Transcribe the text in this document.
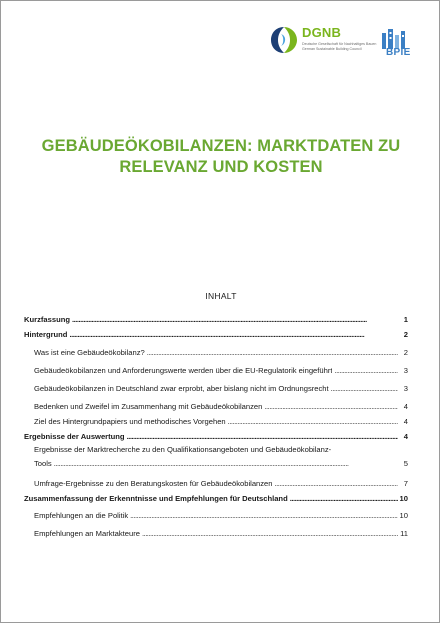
DGNB
Deutsche Gesellschaft für Nachhaltiges Bauen
German Sustainable Building Council BPIE
GEBÄUDEÖKOBILANZEN: MARKTDATEN ZU
RELEVANZ UND KOSTEN
INHALT
Kurzfassung . . .	1
Hintergrund . . .	2
Was ist eine Gebäudeökobilanz? . . .	2
Gebäudeökobilanzen und Anforderungswerte werden über die EU-Regulatorik eingeführt . . .	3
Gebäudeökobilanzen in Deutschland zwar erprobt, aber bislang nicht im Ordnungsrecht . . .	3
Bedenken und Zweifel im Zusammenhang mit Gebäudeökobilanzen . . .	4
Ziel des Hintergrundpapiers und methodisches Vorgehen . . .	4
Ergebnisse der Auswertung . . .	4
Ergebnisse der Marktrecherche zu den Qualifikationsangeboten und Gebäudeökobilanz-
Tools . . .	5
Umfrage-Ergebnisse zu den Beratungskosten für Gebäudeökobilanzen . . .	7
Zusammenfassung der Erkenntnisse und Empfehlungen für Deutschland . . .	10
Empfehlungen an die Politik . . .	10
Empfehlungen an Marktakteure . . .	11
